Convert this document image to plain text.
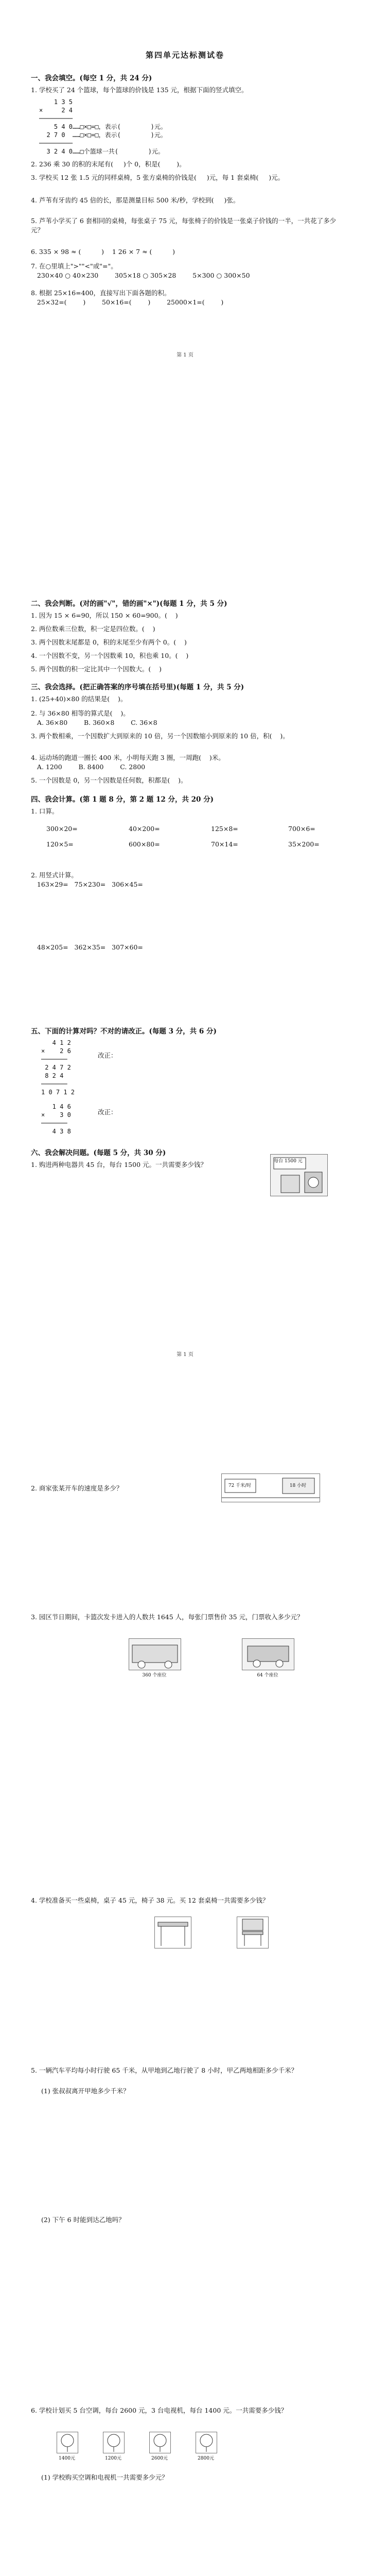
第四单元达标测试卷
一、我会填空。(每空 1 分，共 24 分)
1. 学校买了 24 个篮球，每个篮球的价钱是 135 元，根据下面的竖式填空。
1 3 5
×     2 4
─────────
5 4 0……□×□=□，表示(        )元。
2 7 0  ……□×□=□，表示(        )元。
─────────
3 2 4 0……□个篮球一共(        )元。
2. 236 乘 30 的积的末尾有(     )个 0，积是(        )。
3. 学校买 12 张 1.5 元的同样桌椅，5 张方桌椅的价钱是(     )元，每 1 套桌椅(     )元。
4. 芦苇有牙齿约 45 倍的长，那是测量目标 500 米/秒，学校到(     )张。
5. 芦苇小学买了 6 套相同的桌椅，每张桌子 75 元，每张椅子的价钱是一张桌子价钱的一半，一共花了多少元？
6. 335 × 98 ≈ (          )    1 26 × 7 ≈ (          )
7. 在○里填上">""<"或"="。
230×40 ○ 40×230        305×18 ○ 305×28        5×300 ○ 300×50
8. 根据 25×16=400，直接写出下面各题的积。
25×32=(        )        50×16=(        )        25000×1=(        )
第 1 页
二、我会判断。(对的画"√"，错的画"×")(每题 1 分，共 5 分)
1. 因为 15 × 6=90，所以 150 × 60=900。(    )
2. 两位数乘三位数，积一定是四位数。(    )
3. 两个因数末尾都是 0，积的末尾至少有两个 0。(    )
4. 一个因数不变，另一个因数乘 10，积也乘 10。(    )
5. 两个因数的积一定比其中一个因数大。(    )
三、我会选择。(把正确答案的序号填在括号里)(每题 1 分，共 5 分)
1. (25+40)×80 的结果是(    )。
2. 与 36×80 相等的算式是(    )。
A. 36×80        B. 360×8        C. 36×8
3. 两个数相乘，一个因数扩大到原来的 10 倍，另一个因数缩小到原来的 10 倍，积(    )。
4. 运动场的跑道一圈长 400 米，小明每天跑 3 圈，一周跑(    )米。
A. 1200        B. 8400        C. 2800
5. 一个因数是 0，另一个因数是任何数，积都是(    )。
四、我会计算。(第 1 题 8 分，第 2 题 12 分，共 20 分)
1. 口算。
300×20=	40×200=	125×8=	700×6=
120×5=	600×80=	70×14=	35×200=
2. 用竖式计算。
163×29=   75×230=   306×45=
48×205=   362×35=   307×60=
五、下面的计算对吗？不对的请改正。(每题 3 分，共 6 分)
4 1 2
×    2 6
───────
2 4 7 2
8 2 4
───────
1 0 7 1 2
改正：
1 4 6
×    3 0
───────
4 3 8
改正：
六、我会解决问题。(每题 5 分，共 30 分)
1. 购进两种电器共 45 台，每台 1500 元。一共需要多少钱？	每台 1500 元
第 1 页
2. 商家张某开车的速度是多少？	72 千米/时	18 小时
3. 园区节日期间，卡篮次发卡进入的人数共 1645 人，每张门票售价 35 元，门票收入多少元？
360 个座位	64 个座位
4. 学校准备买一些桌椅，桌子 45 元，椅子 38 元。买 12 套桌椅一共需要多少钱？
5. 一辆汽车平均每小时行驶 65 千米，从甲地到乙地行驶了 8 小时，甲乙两地相距多少千米？
(1) 张叔叔离开甲地多少千米？
(2) 下午 6 时能到达乙地吗？
6. 学校计划买 5 台空调，每台 2600 元，3 台电视机，每台 1400 元。一共需要多少钱？
1400元	1200元	2600元	2800元
(1) 学校购买空调和电视机一共需要多少元？
